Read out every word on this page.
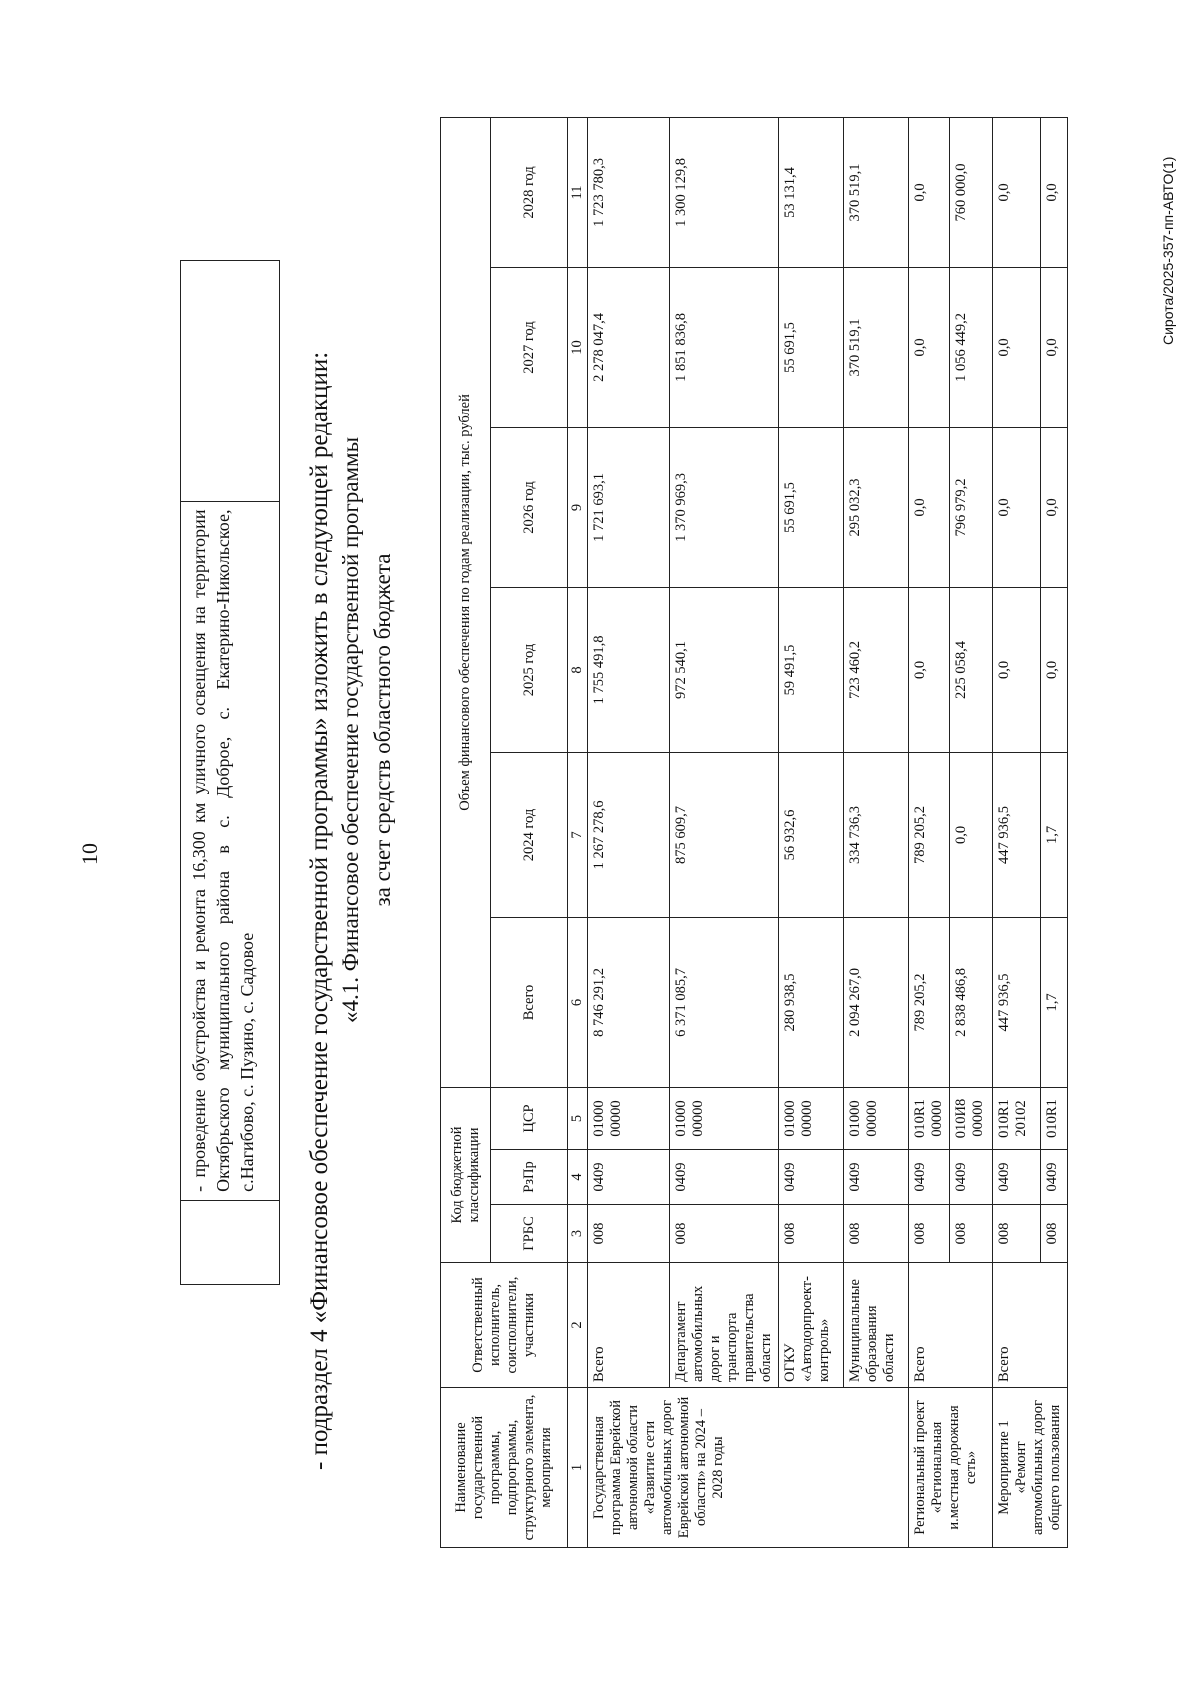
10
		- проведение обустройства и ремонта 16,300 км уличного освещения на территории Октябрьского муниципального района в с. Доброе, с. Екатерино-Никольское, с.Нагибово, с. Пузино, с. Садовое	- подраздел 4 «Финансовое обеспечение государственной программы» изложить в следующей редакции: «4.1. Финансовое обеспечение государственной программы за счет средств областного бюджета
Наименование государственной программы, подпрограммы, структурного элемента, мероприятия	Ответственный исполнитель, соисполнители, участники	Код бюджетной классификации			Объем финансового обеспечения по годам реализации, тыс. рублей					
		ГРБС	РзПр	ЦСР	Всего	2024 год	2025 год	2026 год	2027 год	2028 год
1	2	3	4	5	6	7	8	9	10	11
Государственная программа Еврейской автономной области «Развитие сети автомобильных дорог Еврейской автономной области» на 2024 – 2028 годы	Всего	008	0409	01000 00000	8 746 291,2	1 267 278,6	1 755 491,8	1 721 693,1	2 278 047,4	1 723 780,3
	Департамент автомобильных дорог и транспорта правительства области	008	0409	01000 00000	6 371 085,7	875 609,7	972 540,1	1 370 969,3	1 851 836,8	1 300 129,8
	ОГКУ «Автодорпроект-контроль»	008	0409	01000 00000	280 938,5	56 932,6	59 491,5	55 691,5	55 691,5	53 131,4
	Муниципальные образования области	008	0409	01000 00000	2 094 267,0	334 736,3	723 460,2	295 032,3	370 519,1	370 519,1
Региональный проект «Региональная и.местная дорожная сеть»	Всего	008	0409	010R1 00000	789 205,2	789 205,2	0,0	0,0	0,0	0,0
		008	0409	010И8 00000	2 838 486,8	0,0	225 058,4	796 979,2	1 056 449,2	760 000,0
Мероприятие 1 «Ремонт автомобильных дорог общего пользования	Всего	008	0409	010R1 20102	447 936,5	447 936,5	0,0	0,0	0,0	0,0
		008	0409	010R1	1,7	1,7	0,0	0,0	0,0	0,0	Сирота/2025-357-пп-АВТО(1)
